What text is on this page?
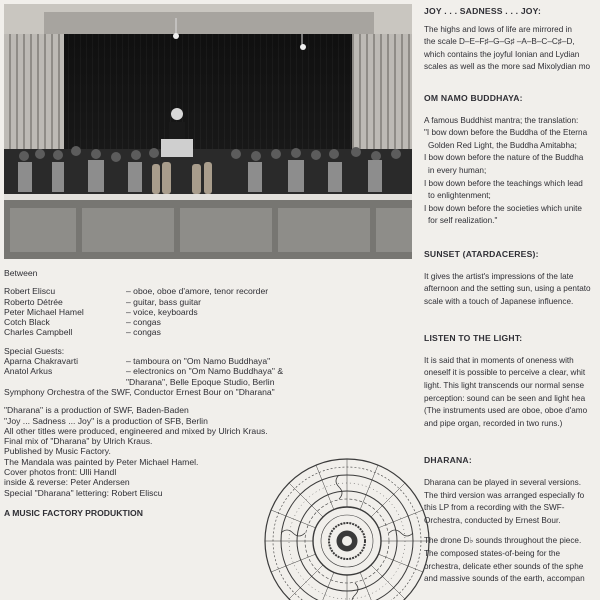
Between
Robert Eliscu	– oboe, oboe d'amore, tenor recorder
Roberto Détrée	– guitar, bass guitar
Peter Michael Hamel	– voice, keyboards
Cotch Black	– congas
Charles Campbell	– congas
Special Guests:
Aparna Chakravarti	– tamboura on "Om Namo Buddhaya"
Anatol Arkus	– electronics on "Om Namo Buddhaya" &
"Dharana", Belle Epoque Studio, Berlin
Symphony Orchestra of the SWF, Conductor Ernest Bour on "Dharana"
"Dharana" is a production of SWF, Baden-Baden
"Joy ... Sadness ... Joy" is a production of SFB, Berlin
All other titles were produced, engineered and mixed by Ulrich Kraus.
Final mix of "Dharana" by Ulrich Kraus.
Published by Music Factory.
The Mandala was painted by Peter Michael Hamel.
Cover photos front: Ulli Handl
inside & reverse: Peter Andersen
Special "Dharana" lettering: Robert Eliscu
A MUSIC FACTORY PRODUKTION
JOY . . . SADNESS . . . JOY:

The highs and lows of life are mirrored in

the scale D–E–F♯–G–G♯ –A–B–C–C♯–D,

which contains the joyful Ionian and Lydian

scales as well as the more sad Mixolydian mo

OM NAMO BUDDHAYA:

A famous Buddhist mantra; the translation:

"I bow down before the Buddha of the Eterna

Golden Red Light, the Buddha Amitabha;

I bow down before the nature of the Buddha

in every human;

I bow down before the teachings which lead

to enlightenment;

I bow down before the societies which unite

for self realization."

SUNSET (ATARDACERES):

It gives the artist's impressions of the late

afternoon and the setting sun, using a pentato

scale with a touch of Japanese influence.

LISTEN TO THE LIGHT:

It is said that in moments of oneness with

oneself it is possible to perceive a clear, whit

light. This light transcends our normal sense

perception: sound can be seen and light hea

(The instruments used are oboe, oboe d'amo

and pipe organ, recorded in two runs.)

DHARANA:

Dharana can be played in several versions.

The third version was arranged especially fo

this LP from a recording with the SWF-

Orchestra, conducted by Ernest Bour.

The drone D♭ sounds throughout the piece.

The composed states-of-being for the

orchestra, delicate ether sounds of the sphe

and massive sounds of the earth, accompan
